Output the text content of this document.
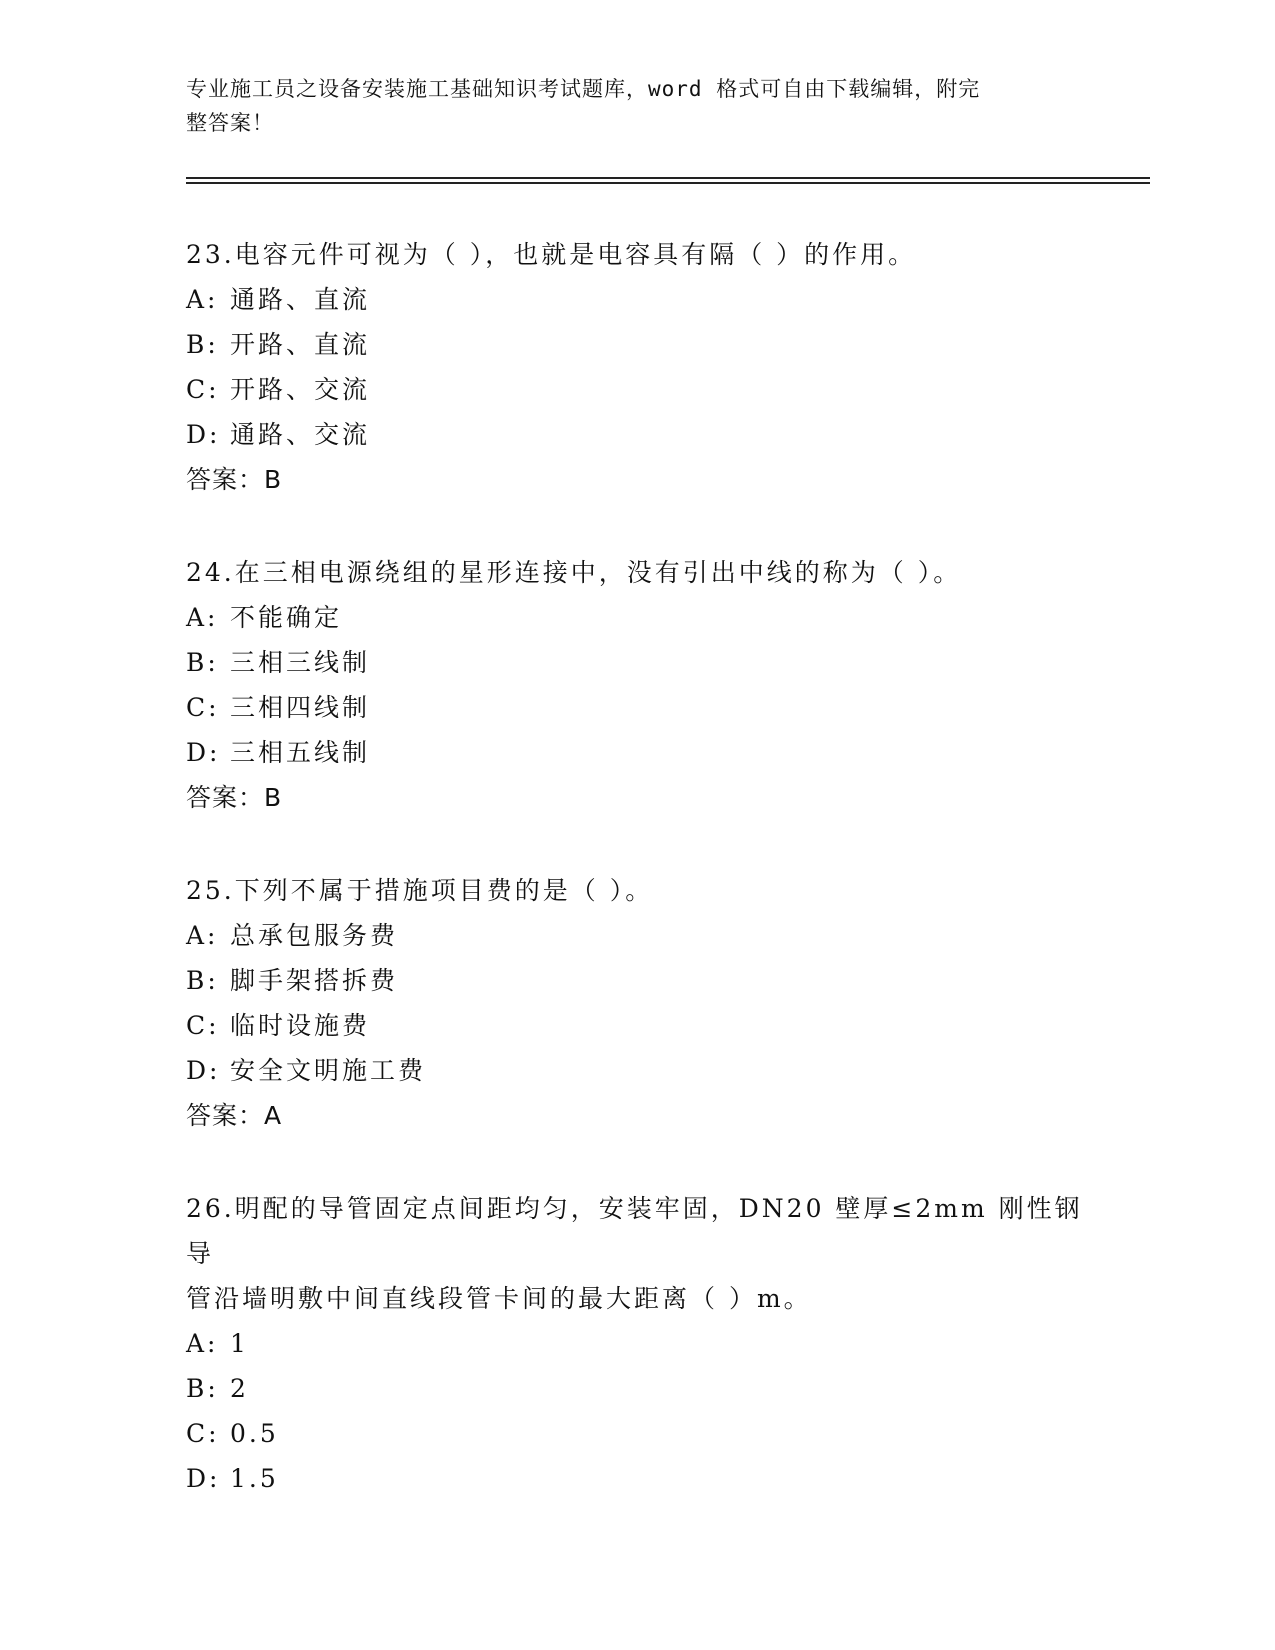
专业施工员之设备安装施工基础知识考试题库，word 格式可自由下载编辑，附完
整答案！

23.电容元件可视为（ ），也就是电容具有隔（ ）的作用。

A: 通路、直流

B: 开路、直流

C: 开路、交流

D: 通路、交流

答案：B

24.在三相电源绕组的星形连接中，没有引出中线的称为（ ）。

A: 不能确定

B: 三相三线制

C: 三相四线制

D: 三相五线制

答案：B

25.下列不属于措施项目费的是（ ）。

A: 总承包服务费

B: 脚手架搭拆费

C: 临时设施费

D: 安全文明施工费

答案：A

26.明配的导管固定点间距均匀，安装牢固，DN20 壁厚≤2mm 刚性钢导

管沿墙明敷中间直线段管卡间的最大距离（ ）m。

A: 1

B: 2

C: 0.5

D: 1.5
